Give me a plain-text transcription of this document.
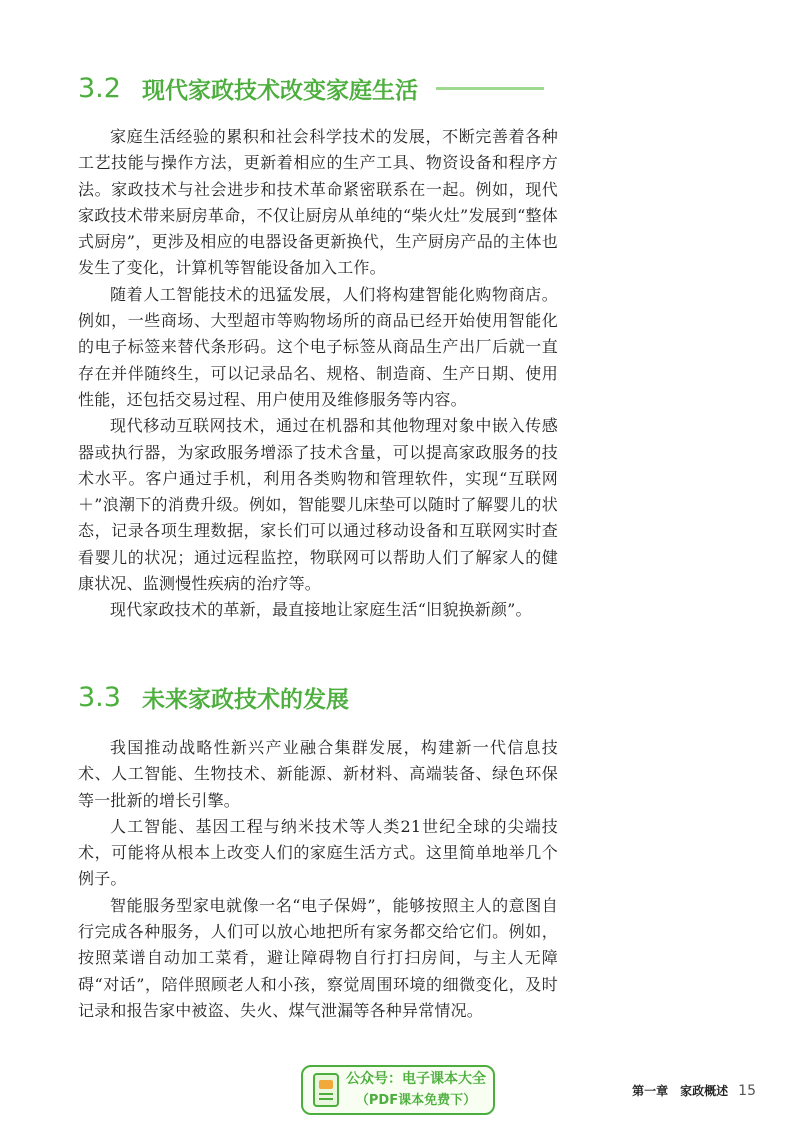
3.2 现代家政技术改变家庭生活

家庭生活经验的累积和社会科学技术的发展，不断完善着各种工艺技能与操作方法，更新着相应的生产工具、物资设备和程序方法。家政技术与社会进步和技术革命紧密联系在一起。例如，现代家政技术带来厨房革命，不仅让厨房从单纯的“柴火灶”发展到“整体式厨房”，更涉及相应的电器设备更新换代，生产厨房产品的主体也发生了变化，计算机等智能设备加入工作。

随着人工智能技术的迅猛发展，人们将构建智能化购物商店。例如，一些商场、大型超市等购物场所的商品已经开始使用智能化的电子标签来替代条形码。这个电子标签从商品生产出厂后就一直存在并伴随终生，可以记录品名、规格、制造商、生产日期、使用性能，还包括交易过程、用户使用及维修服务等内容。

现代移动互联网技术，通过在机器和其他物理对象中嵌入传感器或执行器，为家政服务增添了技术含量，可以提高家政服务的技术水平。客户通过手机，利用各类购物和管理软件，实现“互联网＋”浪潮下的消费升级。例如，智能婴儿床垫可以随时了解婴儿的状态，记录各项生理数据，家长们可以通过移动设备和互联网实时查看婴儿的状况；通过远程监控，物联网可以帮助人们了解家人的健康状况、监测慢性疾病的治疗等。

现代家政技术的革新，最直接地让家庭生活“旧貌换新颜”。

3.3 未来家政技术的发展

我国推动战略性新兴产业融合集群发展，构建新一代信息技术、人工智能、生物技术、新能源、新材料、高端装备、绿色环保等一批新的增长引擎。

人工智能、基因工程与纳米技术等人类21世纪全球的尖端技术，可能将从根本上改变人们的家庭生活方式。这里简单地举几个例子。

智能服务型家电就像一名“电子保姆”，能够按照主人的意图自行完成各种服务，人们可以放心地把所有家务都交给它们。例如，按照菜谱自动加工菜肴，避让障碍物自行打扫房间，与主人无障碍“对话”，陪伴照顾老人和小孩，察觉周围环境的细微变化，及时记录和报告家中被盗、失火、煤气泄漏等各种异常情况。

公众号：电子课本大全
（PDF课本免费下）
第一章　家政概述 15
